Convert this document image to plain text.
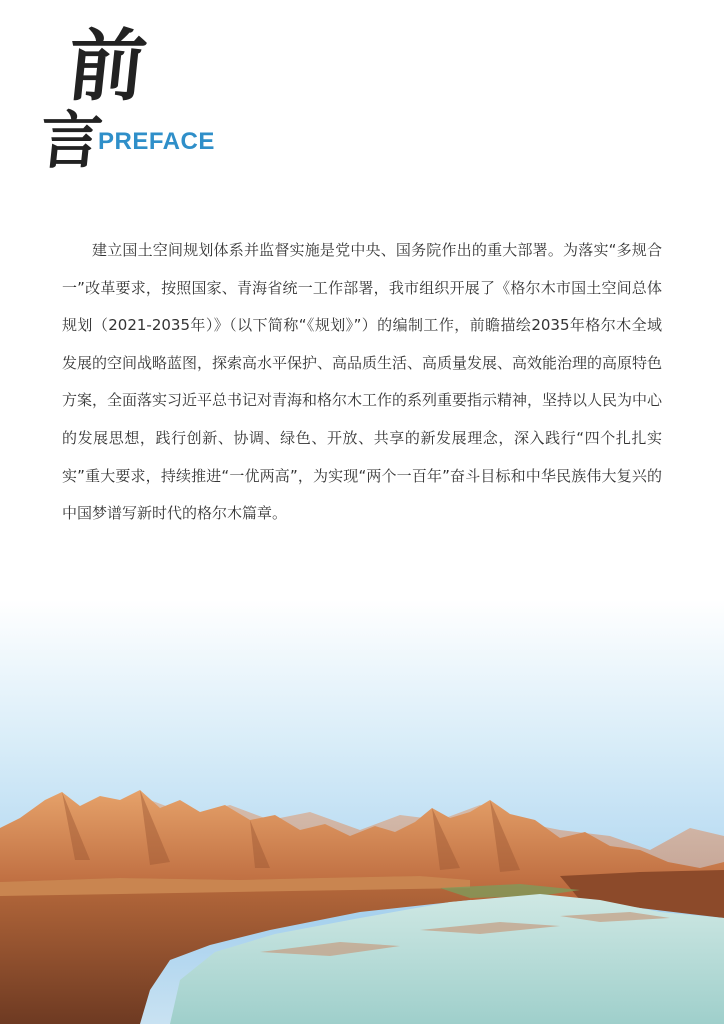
前
言
PREFACE

建立国土空间规划体系并监督实施是党中央、国务院作出的重大部署。为落实“多规合一”改革要求，按照国家、青海省统一工作部署，我市组织开展了《格尔木市国土空间总体规划（2021-2035年）》（以下简称“《规划》”）的编制工作，前瞻描绘2035年格尔木全域发展的空间战略蓝图，探索高水平保护、高品质生活、高质量发展、高效能治理的高原特色方案，全面落实习近平总书记对青海和格尔木工作的系列重要指示精神，坚持以人民为中心的发展思想，践行创新、协调、绿色、开放、共享的新发展理念，深入践行“四个扎扎实实”重大要求，持续推进“一优两高”，为实现“两个一百年”奋斗目标和中华民族伟大复兴的中国梦谱写新时代的格尔木篇章。
